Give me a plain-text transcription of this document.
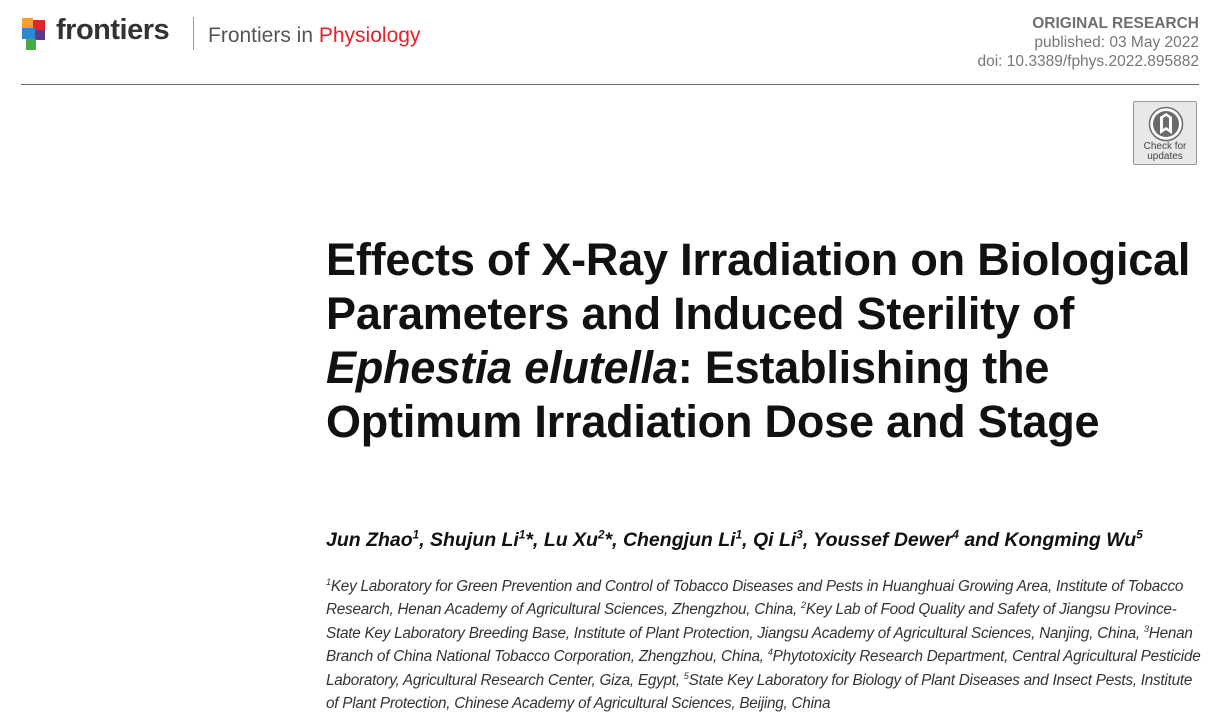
frontiers Frontiers in Physiology
ORIGINAL RESEARCH
published: 03 May 2022
doi: 10.3389/fphys.2022.895882
Check for
updates
Effects of X-Ray Irradiation on Biological Parameters and Induced Sterility of Ephestia elutella: Establishing the Optimum Irradiation Dose and Stage
Jun Zhao$^1$, Shujun Li$^1$*, Lu Xu$^2$*, Chengjun Li$^1$, Qi Li$^3$, Youssef Dewer$^4$ and Kongming Wu$^5$
$^1$Key Laboratory for Green Prevention and Control of Tobacco Diseases and Pests in Huanghuai Growing Area, Institute of Tobacco Research, Henan Academy of Agricultural Sciences, Zhengzhou, China, $^2$Key Lab of Food Quality and Safety of Jiangsu Province-State Key Laboratory Breeding Base, Institute of Plant Protection, Jiangsu Academy of Agricultural Sciences, Nanjing, China, $^3$Henan Branch of China National Tobacco Corporation, Zhengzhou, China, $^4$Phytotoxicity Research Department, Central Agricultural Pesticide Laboratory, Agricultural Research Center, Giza, Egypt, $^5$State Key Laboratory for Biology of Plant Diseases and Insect Pests, Institute of Plant Protection, Chinese Academy of Agricultural Sciences, Beijing, China
